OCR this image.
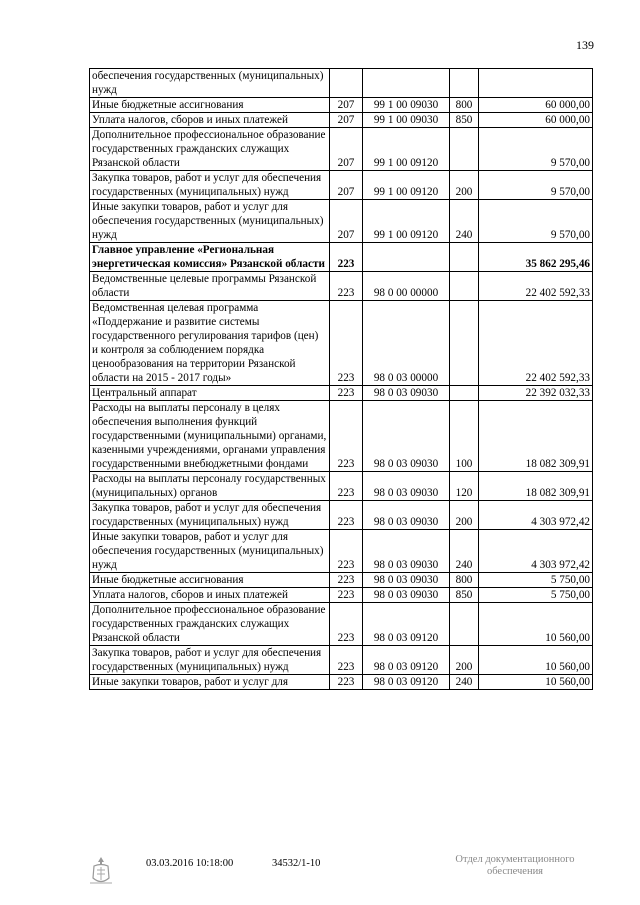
139
обеспечения государственных (муниципальных) нужд				
Иные бюджетные ассигнования	207	99 1 00 09030	800	60 000,00
Уплата налогов, сборов и иных платежей	207	99 1 00 09030	850	60 000,00
Дополнительное профессиональное образование государственных гражданских служащих Рязанской области	207	99 1 00 09120		9 570,00
Закупка товаров, работ и услуг для обеспечения государственных (муниципальных) нужд	207	99 1 00 09120	200	9 570,00
Иные закупки товаров, работ и услуг для обеспечения государственных (муниципальных) нужд	207	99 1 00 09120	240	9 570,00
Главное управление «Региональная энергетическая комиссия» Рязанской области	223			35 862 295,46
Ведомственные целевые программы Рязанской области	223	98 0 00 00000		22 402 592,33
Ведомственная целевая программа «Поддержание и развитие системы государственного регулирования тарифов (цен) и контроля за соблюдением порядка ценообразования на территории Рязанской области на 2015 - 2017 годы»	223	98 0 03 00000		22 402 592,33
Центральный аппарат	223	98 0 03 09030		22 392 032,33
Расходы на выплаты персоналу в целях обеспечения выполнения функций государственными (муниципальными) органами, казенными учреждениями, органами управления государственными внебюджетными фондами	223	98 0 03 09030	100	18 082 309,91
Расходы на выплаты персоналу государственных (муниципальных) органов	223	98 0 03 09030	120	18 082 309,91
Закупка товаров, работ и услуг для обеспечения государственных (муниципальных) нужд	223	98 0 03 09030	200	4 303 972,42
Иные закупки товаров, работ и услуг для обеспечения государственных (муниципальных) нужд	223	98 0 03 09030	240	4 303 972,42
Иные бюджетные ассигнования	223	98 0 03 09030	800	5 750,00
Уплата налогов, сборов и иных платежей	223	98 0 03 09030	850	5 750,00
Дополнительное профессиональное образование государственных гражданских служащих Рязанской области	223	98 0 03 09120		10 560,00
Закупка товаров, работ и услуг для обеспечения государственных (муниципальных) нужд	223	98 0 03 09120	200	10 560,00
Иные закупки товаров, работ и услуг для	223	98 0 03 09120	240	10 560,00
03.03.2016 10:18:00	34532/1-10	Отдел документационного
обеспечения
